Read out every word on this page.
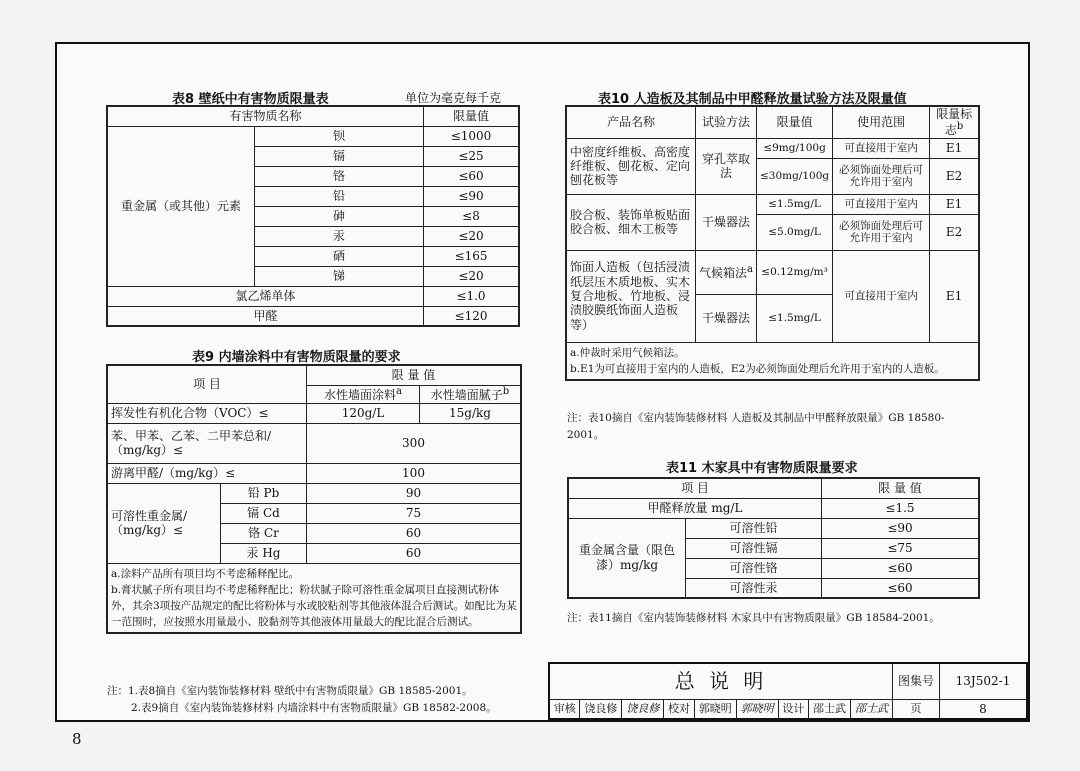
表8 壁纸中有害物质限量表	单位为毫克每千克
有害物质名称		限量值
重金属（或其他）元素	钡	≤1000
	镉	≤25
	铬	≤60
	铅	≤90
	砷	≤8
	汞	≤20
	硒	≤165
	锑	≤20
氯乙烯单体		≤1.0
甲醛		≤120
表9 内墙涂料中有害物质限量的要求
项 目		限 量 值	
		水性墙面涂料$^a$	水性墙面腻子$^b$
挥发性有机化合物（VOC）≤		120g/L	15g/kg
苯、甲苯、乙苯、二甲苯总和/（mg/kg）≤		300	
游离甲醛/（mg/kg）≤		100	
可溶性重金属/（mg/kg）≤	铅 Pb	90	
	镉 Cd	75	
	铬 Cr	60	
	汞 Hg	60	

a.涂料产品所有项目均不考虑稀释配比。
b.膏状腻子所有项目均不考虑稀释配比；粉状腻子除可溶性重金属项目直接测试粉体外，其余3项按产品规定的配比将粉体与水或胶粘剂等其他液体混合后测试。如配比为某一范围时，应按照水用量最小、胶黏剂等其他液体用量最大的配比混合后测试。			
注：1.表8摘自《室内装饰装修材料 壁纸中有害物质限量》GB 18585-2001。
2.表9摘自《室内装饰装修材料 内墙涂料中有害物质限量》GB 18582-2008。
表10 人造板及其制品中甲醛释放量试验方法及限量值
产品名称	试验方法	限量值	使用范围	限量标志$^b$
中密度纤维板、高密度纤维板、刨花板、定向刨花板等	穿孔萃取法	≤9mg/100g	可直接用于室内	E1
		≤30mg/100g	必须饰面处理后可允许用于室内	E2
胶合板、装饰单板贴面胶合板、细木工板等	干燥器法	≤1.5mg/L	可直接用于室内	E1
		≤5.0mg/L	必须饰面处理后可允许用于室内	E2
饰面人造板（包括浸渍纸层压木质地板、实木复合地板、竹地板、浸渍胶膜纸饰面人造板等）	气候箱法$^a$	≤0.12mg/m³	可直接用于室内	E1
	干燥器法	≤1.5mg/L		

a.仲裁时采用气候箱法。
b.E1为可直接用于室内的人造板，E2为必须饰面处理后允许用于室内的人造板。				
注：表10摘自《室内装饰装修材料 人造板及其制品中甲醛释放限量》GB 18580-2001。
表11 木家具中有害物质限量要求
项 目		限 量 值
甲醛释放量 mg/L		≤1.5
重金属含量（限色漆）mg/kg	可溶性铅	≤90
	可溶性镉	≤75
	可溶性铬	≤60
	可溶性汞	≤60
注：表11摘自《室内装饰装修材料 木家具中有害物质限量》GB 18584-2001。
总 说 明									图集号	13J502-1
审核	饶良修	饶良修	校对	郭晓明	郭晓明	设计	邵士武	邵士武	页	8
8
